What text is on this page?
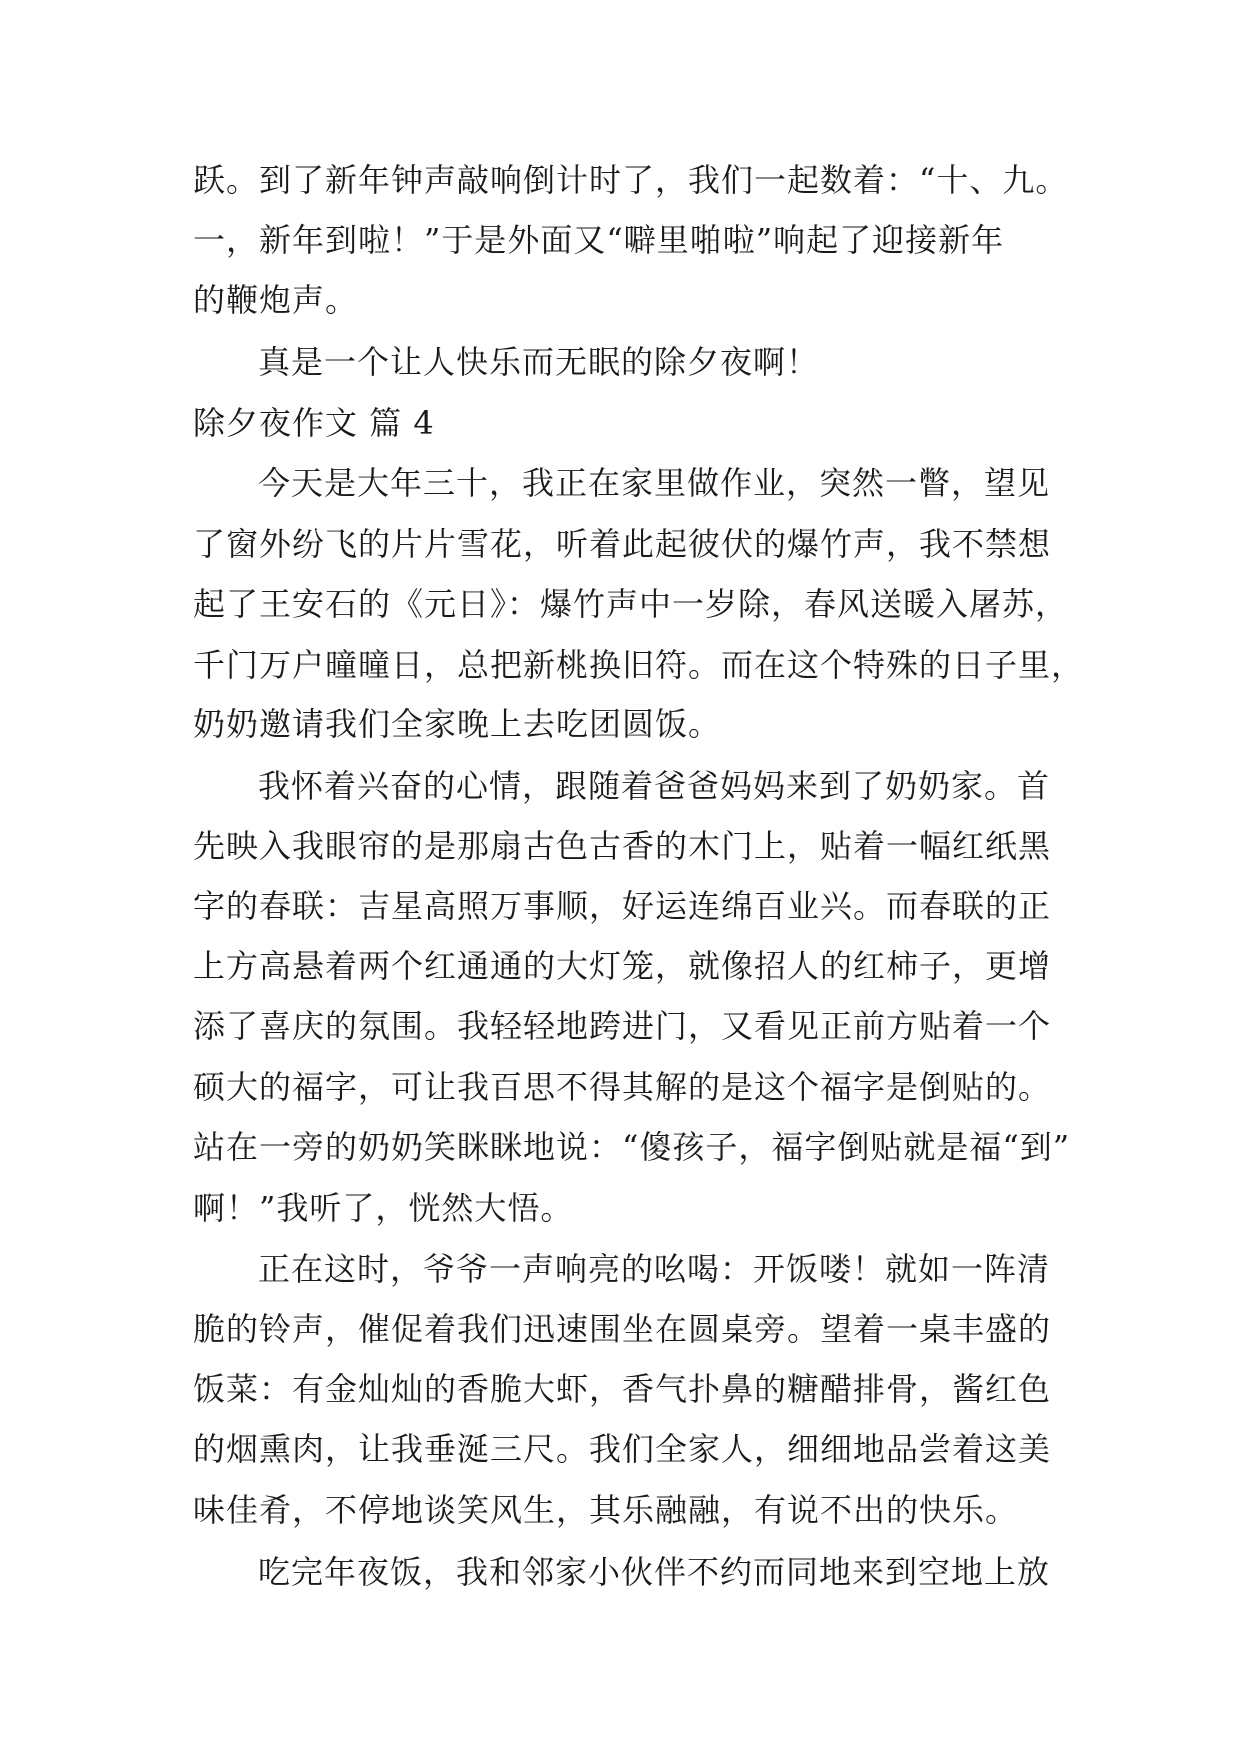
跃。到了新年钟声敲响倒计时了，我们一起数着：“十、九。
一，新年到啦！”于是外面又“噼里啪啦”响起了迎接新年
的鞭炮声。
真是一个让人快乐而无眠的除夕夜啊！
除夕夜作文 篇 4
今天是大年三十，我正在家里做作业，突然一瞥，望见
了窗外纷飞的片片雪花，听着此起彼伏的爆竹声，我不禁想
起了王安石的《元日》：爆竹声中一岁除，春风送暖入屠苏，
千门万户曈曈日，总把新桃换旧符。而在这个特殊的日子里，
奶奶邀请我们全家晚上去吃团圆饭。
我怀着兴奋的心情，跟随着爸爸妈妈来到了奶奶家。首
先映入我眼帘的是那扇古色古香的木门上，贴着一幅红纸黑
字的春联：吉星高照万事顺，好运连绵百业兴。而春联的正
上方高悬着两个红通通的大灯笼，就像招人的红柿子，更增
添了喜庆的氛围。我轻轻地跨进门，又看见正前方贴着一个
硕大的福字，可让我百思不得其解的是这个福字是倒贴的。
站在一旁的奶奶笑眯眯地说：“傻孩子，福字倒贴就是福“到”
啊！”我听了，恍然大悟。
正在这时，爷爷一声响亮的吆喝：开饭喽！就如一阵清
脆的铃声，催促着我们迅速围坐在圆桌旁。望着一桌丰盛的
饭菜：有金灿灿的香脆大虾，香气扑鼻的糖醋排骨，酱红色
的烟熏肉，让我垂涎三尺。我们全家人，细细地品尝着这美
味佳肴，不停地谈笑风生，其乐融融，有说不出的快乐。
吃完年夜饭，我和邻家小伙伴不约而同地来到空地上放
